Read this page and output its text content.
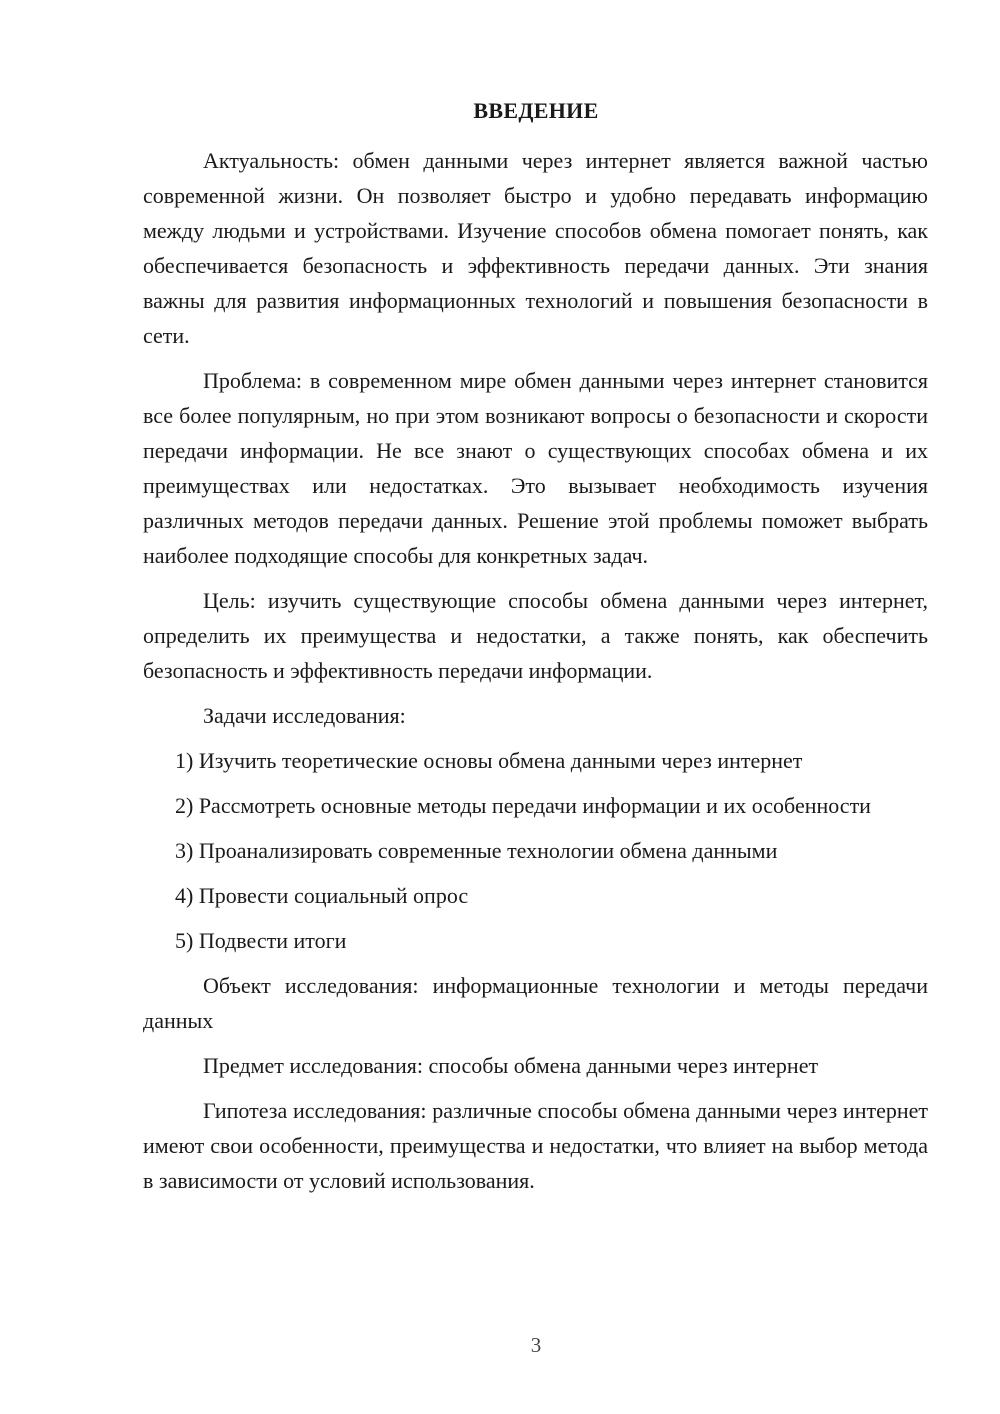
ВВЕДЕНИЕ

Актуальность: обмен данными через интернет является важной частью современной жизни. Он позволяет быстро и удобно передавать информацию между людьми и устройствами. Изучение способов обмена помогает понять, как обеспечивается безопасность и эффективность передачи данных. Эти знания важны для развития информационных технологий и повышения безопасности в сети.

Проблема: в современном мире обмен данными через интернет становится все более популярным, но при этом возникают вопросы о безопасности и скорости передачи информации. Не все знают о существующих способах обмена и их преимуществах или недостатках. Это вызывает необходимость изучения различных методов передачи данных. Решение этой проблемы поможет выбрать наиболее подходящие способы для конкретных задач.

Цель: изучить существующие способы обмена данными через интернет, определить их преимущества и недостатки, а также понять, как обеспечить безопасность и эффективность передачи информации.

Задачи исследования:

1) Изучить теоретические основы обмена данными через интернет

2) Рассмотреть основные методы передачи информации и их особенности

3) Проанализировать современные технологии обмена данными

4) Провести социальный опрос

5) Подвести итоги

Объект исследования: информационные технологии и методы передачи данных

Предмет исследования: способы обмена данными через интернет

Гипотеза исследования: различные способы обмена данными через интернет имеют свои особенности, преимущества и недостатки, что влияет на выбор метода в зависимости от условий использования.

3
